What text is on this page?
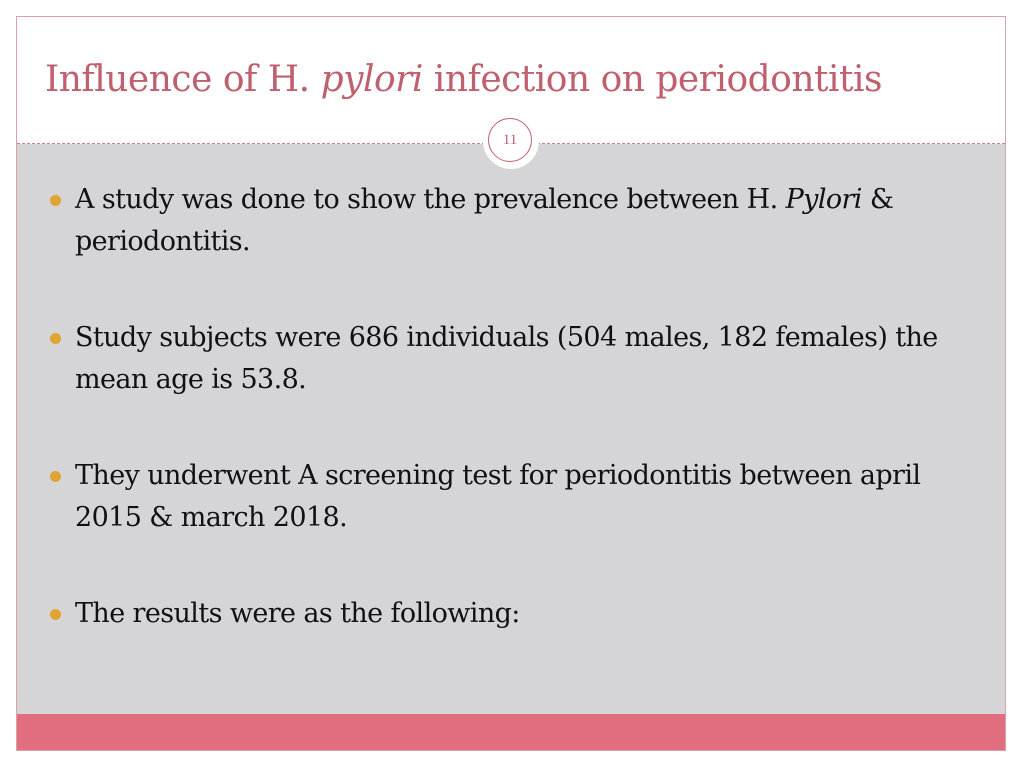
Influence of H. pylori infection on periodontitis
11
A study was done to show the prevalence between H. Pylori & periodontitis.
Study subjects were 686 individuals (504 males, 182 females) the mean age is 53.8.
They underwent A screening test for periodontitis between april 2015 & march 2018.
The results were as the following:
